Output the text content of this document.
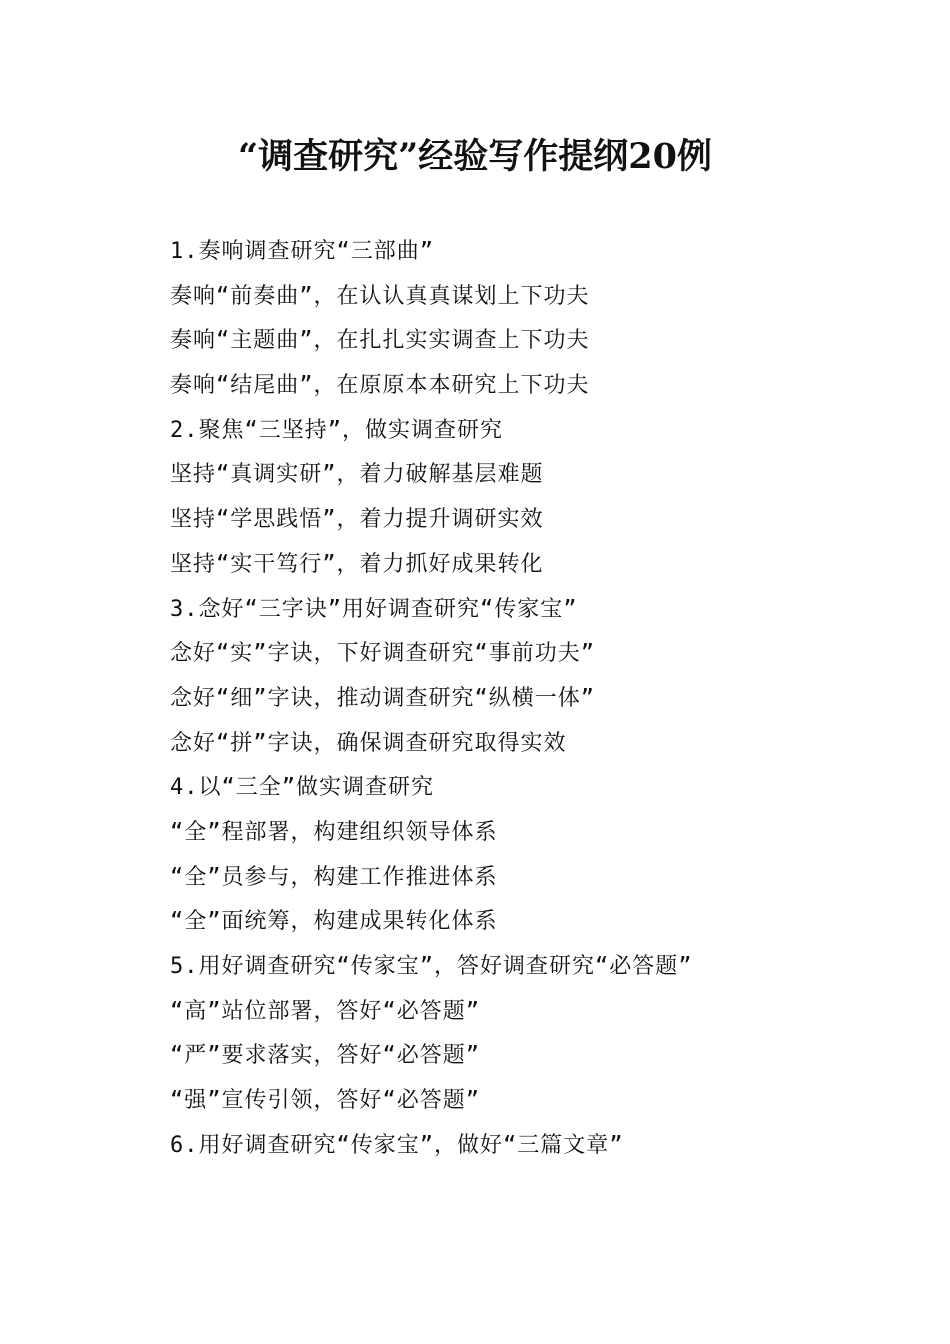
“调查研究”经验写作提纲20例
1.奏响调查研究“三部曲”
奏响“前奏曲”，在认认真真谋划上下功夫
奏响“主题曲”，在扎扎实实调查上下功夫
奏响“结尾曲”，在原原本本研究上下功夫
2.聚焦“三坚持”，做实调查研究
坚持“真调实研”，着力破解基层难题
坚持“学思践悟”，着力提升调研实效
坚持“实干笃行”，着力抓好成果转化
3.念好“三字诀”用好调查研究“传家宝”
念好“实”字诀，下好调查研究“事前功夫”
念好“细”字诀，推动调查研究“纵横一体”
念好“拼”字诀，确保调查研究取得实效
4.以“三全”做实调查研究
“全”程部署，构建组织领导体系
“全”员参与，构建工作推进体系
“全”面统筹，构建成果转化体系
5.用好调查研究“传家宝”，答好调查研究“必答题”
“高”站位部署，答好“必答题”
“严”要求落实，答好“必答题”
“强”宣传引领，答好“必答题”
6.用好调查研究“传家宝”，做好“三篇文章”
